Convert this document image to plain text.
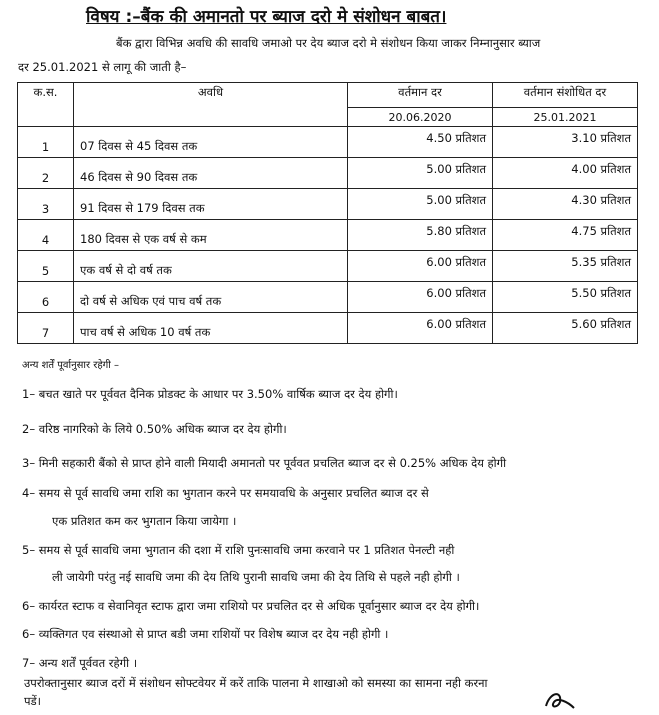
विषय :–बैंक की अमानतो पर ब्याज दरो मे संशोधन बाबत।
बैंक द्वारा विभिन्न अवधि की सावधि जमाओ पर देय ब्याज दरो मे संशोधन किया जाकर निम्नानुसार ब्याज
दर 25.01.2021 से लागू की जाती है–
क.स.	अवधि	वर्तमान दर	वर्तमान संशोधित दर
		20.06.2020	25.01.2021
1	07 दिवस से 45 दिवस तक	4.50 प्रतिशत	3.10 प्रतिशत
2	46 दिवस से 90 दिवस तक	5.00 प्रतिशत	4.00 प्रतिशत
3	91 दिवस से 179 दिवस तक	5.00 प्रतिशत	4.30 प्रतिशत
4	180 दिवस से एक वर्ष से कम	5.80 प्रतिशत	4.75 प्रतिशत
5	एक वर्ष से दो वर्ष तक	6.00 प्रतिशत	5.35 प्रतिशत
6	दो वर्ष से अधिक एवं पाच वर्ष तक	6.00 प्रतिशत	5.50 प्रतिशत
7	पाच वर्ष से अधिक 10 वर्ष तक	6.00 प्रतिशत	5.60 प्रतिशत
अन्य शर्तें पूर्वानुसार रहेगी –
1– बचत खाते पर पूर्ववत दैनिक प्रोडक्ट के आधार पर 3.50% वार्षिक ब्याज दर देय होगी।
2– वरिष्ठ नागरिको के लिये 0.50% अधिक ब्याज दर देय होगी।
3– मिनी सहकारी बैंको से प्राप्त होने वाली मियादी अमानतो पर पूर्ववत प्रचलित ब्याज दर से 0.25% अधिक देय होगी
4– समय से पूर्व सावधि जमा राशि का भुगतान करने पर समयावधि के अनुसार प्रचलित ब्याज दर से
एक प्रतिशत कम कर भुगतान किया जायेगा ।
5– समय से पूर्व सावधि जमा भुगतान की दशा में राशि पुनःसावधि जमा करवाने पर 1 प्रतिशत पेनल्टी नही
ली जायेगी परंतु नई सावधि जमा की देय तिथि पुरानी सावधि जमा की देय तिथि से पहले नही होगी ।
6– कार्यरत स्टाफ व सेवानिवृत स्टाफ द्वारा जमा राशियो पर प्रचलित दर से अधिक पूर्वानुसार ब्याज दर देय होगी।
6– व्यक्तिगत एव संस्थाओ से प्राप्त बडी जमा राशियों पर विशेष ब्याज दर देय नही होगी ।
7– अन्य शर्तें पूर्ववत रहेगी ।
उपरोक्तानुसार ब्याज दरों में संशोधन सोफ्टवेयर में करें ताकि पालना मे शाखाओ को समस्या का सामना नही करना
पडें।
